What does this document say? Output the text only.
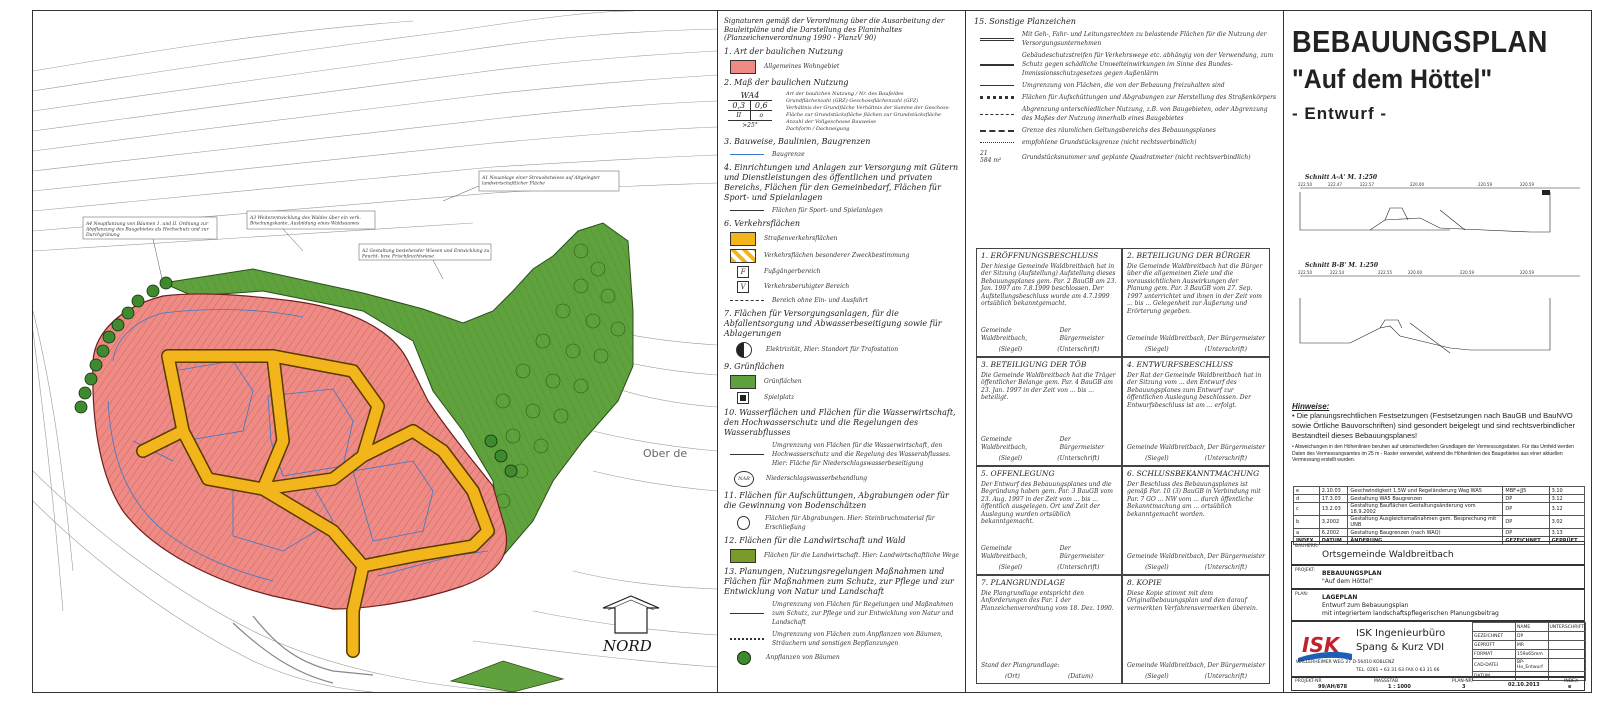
A1 Neuanlage einer Streuobstwiese auf Altgelegter landwirtschaftlicher Fläche
A4 Neupflanzung von Bäumen 1. und II. Ordnung zur Abpflanzung des Baugebietes als Hochschutz und zur Durchgrünung
A3 Weiterentwicklung des Waldes über ein verk. Böschungskante, Ausbildung eines Waldsaumes
A2 Gestaltung bestehender Wiesen und Entwicklung zu Feucht- bzw. Frischfeuchtwiese
NORD
Ober de
Signaturen gemäß der Verordnung über die Ausarbeitung der Bauleitpläne und die Darstellung des Planinhaltes (Planzeichenverordnung 1990 - PlanzV 90)
1. Art der baulichen Nutzung
Allgemeines Wohngebiet
2. Maß der baulichen Nutzung
WA4
0,3	0,6
II	o
>25°
Art der baulichen Nutzung / Nr. des Baufeldes
Grundflächenzahl (GRZ) Geschossflächenzahl (GFZ)
Verhältnis der Grundfläche Verhältnis der Summe der Geschoss-
Fläche zur Grundstücksfläche flächen zur Grundstücksfläche
Anzahl der Vollgeschosse Bauweise
Dachform / Dachneigung
3. Bauweise, Baulinien, Baugrenzen
Baugrenze
4. Einrichtungen und Anlagen zur Versorgung mit Gütern und Dienstleistungen des öffentlichen und privaten Bereichs, Flächen für den Gemeinbedarf, Flächen für Sport- und Spielanlagen
Flächen für Sport- und Spielanlagen
6. Verkehrsflächen
Straßenverkehrsflächen
Verkehrsflächen besonderer Zweckbestimmung
F	Fußgängerbereich
V	Verkehrsberuhigter Bereich
Bereich ohne Ein- und Ausfahrt
7. Flächen für Versorgungsanlagen, für die Abfallentsorgung und Abwasserbeseitigung sowie für Ablagerungen
Elektrizität, Hier: Standort für Trafostation
9. Grünflächen
Grünflächen
Spielplatz
10. Wasserflächen und Flächen für die Wasserwirtschaft, den Hochwasserschutz und die Regelungen des Wasserabflusses
Umgrenzung von Flächen für die Wasserwirtschaft, den Hochwasserschutz und die Regelung des Wasserabflusses. Hier: Fläche für Niederschlagswasserbeseitigung
NAR	Niederschlagswasserbehandlung
11. Flächen für Aufschüttungen, Abgrabungen oder für die Gewinnung von Bodenschätzen
Flächen für Abgrabungen. Hier: Steinbruchmaterial für Erschließung
12. Flächen für die Landwirtschaft und Wald
Flächen für die Landwirtschaft. Hier: Landwirtschaftliche Wege
13. Planungen, Nutzungsregelungen Maßnahmen und Flächen für Maßnahmen zum Schutz, zur Pflege und zur Entwicklung von Natur und Landschaft
Umgrenzung von Flächen für Regelungen und Maßnahmen zum Schutz, zur Pflege und zur Entwicklung von Natur und Landschaft
Umgrenzung von Flächen zum Anpflanzen von Bäumen, Sträuchern und sonstigen Bepflanzungen
Anpflanzen von Bäumen
15. Sonstige Planzeichen
Mit Geh-, Fahr- und Leitungsrechten zu belastende Flächen für die Nutzung der Versorgungsunternehmen
Gebäudeschutzstreifen für Verkehrswege etc. abhängig von der Verwendung, zum Schutz gegen schädliche Umwelteinwirkungen im Sinne des Bundes-Immissionsschutzgesetzes gegen Außenlärm
Umgrenzung von Flächen, die von der Bebauung freizuhalten sind
Flächen für Aufschüttungen und Abgrabungen zur Herstellung des Straßenkörpers
Abgrenzung unterschiedlicher Nutzung, z.B. von Baugebieten, oder Abgrenzung des Maßes der Nutzung innerhalb eines Baugebietes
Grenze des räumlichen Geltungsbereichs des Bebauungsplanes
empfohlene Grundstücksgrenze (nicht rechtsverbindlich)
21
584 m²	Grundstücksnummer und geplante Quadratmeter (nicht rechtsverbindlich)
1. ERÖFFNUNGSBESCHLUSS
Der hiesige Gemeinde Waldbreitbach hat in der Sitzung (Aufstellung) Aufstellung dieses Bebauungsplanes gem. Par. 2 BauGB am 23. Jan. 1997 am 7.8.1999 beschlossen. Der Aufstellungsbeschluss wurde am 4.7.1999 ortsüblich bekanntgemacht.
Gemeinde Waldbreitbach,
Der Bürgermeister
(Siegel)	(Unterschrift)
2. BETEILIGUNG DER BÜRGER
Die Gemeinde Waldbreitbach hat die Bürger über die allgemeinen Ziele und die voraussichtlichen Auswirkungen der Planung gem. Par. 3 BauGB vom 27. Sep. 1997 unterrichtet und ihnen in der Zeit vom ... bis ... Gelegenheit zur Äußerung und Erörterung gegeben.
Gemeinde Waldbreitbach, Der Bürgermeister
(Siegel)	(Unterschrift)
3. BETEILIGUNG DER TÖB
Die Gemeinde Waldbreitbach hat die Träger öffentlicher Belange gem. Par. 4 BauGB am 23. Jan. 1997 in der Zeit von ... bis ... beteiligt.
Gemeinde Waldbreitbach,
Der Bürgermeister
(Siegel)	(Unterschrift)
4. ENTWURFSBESCHLUSS
Der Rat der Gemeinde Waldbreitbach hat in der Sitzung vom ... den Entwurf des Bebauungsplanes zum Entwurf zur öffentlichen Auslegung beschlossen. Der Entwurfsbeschluss ist am ... erfolgt.
Gemeinde Waldbreitbach, Der Bürgermeister
(Siegel)	(Unterschrift)
5. OFFENLEGUNG
Der Entwurf des Bebauungsplanes und die Begründung haben gem. Par. 3 BauGB vom 23. Aug. 1997 in der Zeit vom ... bis ... öffentlich ausgelegen. Ort und Zeit der Auslegung wurden ortsüblich bekanntgemacht.
Gemeinde Waldbreitbach,
Der Bürgermeister
(Siegel)	(Unterschrift)
6. SCHLUSSBEKANNTMACHUNG
Der Beschluss des Bebauungsplanes ist gemäß Par. 10 (3) BauGB in Verbindung mit Par. 7 GO ... NW vom ... durch öffentliche Bekanntmachung am ... ortsüblich bekanntgemacht worden.
Gemeinde Waldbreitbach, Der Bürgermeister
(Siegel)	(Unterschrift)
7. PLANGRUNDLAGE
Die Plangrundlage entspricht den Anforderungen des Par. 1 der Planzeichenverordnung vom 18. Dez. 1990.
Stand der Plangrundlage:
(Ort)	(Datum)
8. KOPIE
Diese Kopie stimmt mit dem Originalbebauungsplan und den darauf vermerkten Verfahrensvermerken überein.
Gemeinde Waldbreitbach, Der Bürgermeister
(Siegel)	(Unterschrift)
BEBAUUNGSPLAN
"Auf dem Höttel"
- Entwurf -
Schnitt A-A' M. 1:250
222.50	222.47	222.57	220.00	220.59	220.59
Schnitt B-B' M. 1:250
222.50	222.54	222.55	220.00	220.59	220.59
Hinweise:
• Die planungsrechtlichen Festsetzungen (Festsetzungen nach BauGB und BauNVO sowie Örtliche Bauvorschriften) sind gesondert beigelegt und sind rechtsverbindlicher Bestandteil dieses Bebauungsplanes!
• Abweichungen in den Höhenlinien beruhen auf unterschiedlichen Grundlagen der Vermessungsdaten. Für das Umfeld werden Daten des Vermessungsamtes im 25 m - Raster verwendet, während die Höhenlinien des Baugebietes aus einer aktuellen Vermessung erstellt wurden.
e	2.10.03	Geschwindigkeit 1,5W und Regeländerung Wag WA5	MBF+JJ5	3.10
d	17.3.03	Gestaltung WA5 Baugrenzen	DP	3.12
c	13.2.03	Gestaltung Bauflächen Gestaltungsänderung vom 18.9.2002	DP	3.12
b	3.2002	Gestaltung Ausgleichsmaßnahmen gem. Besprechung mit UNB	DP	3.02
a	6.2002	Gestaltung Baugrenzen (nach WAQ)	DP	3.13
INDEX	DATUM	ÄNDERUNG	GEZEICHNET	GEPRÜFT
BAUHERR:
Ortsgemeinde Waldbreitbach
PROJEKT: BEBAUUNGSPLAN
"Auf dem Höttel"
PLAN: LAGEPLAN
Entwurf zum Bebauungsplan
mit integriertem landschaftspflegerischen Planungsbeitrag
ISK ISK Ingenieurbüro
Spang & Kurz VDI
WALLERHEIMER WEG 27 D-56410 KOBLENZ
TEL. 0261 • 63 31 63 FAX 0 63 31 66
	NAME	UNTERSCHRIFT
GEZEICHNET	DP	
GEPRÜFT	MR	
FORMAT	159x65mm	
CAD-DATEI	BP-Ho_Entwurf	
DATUM		
PROJEKT-NR
99/AH/878
MASSSTAB
1 : 1000
PLAN-NR.
3	02.10.2013
INDEX
e
